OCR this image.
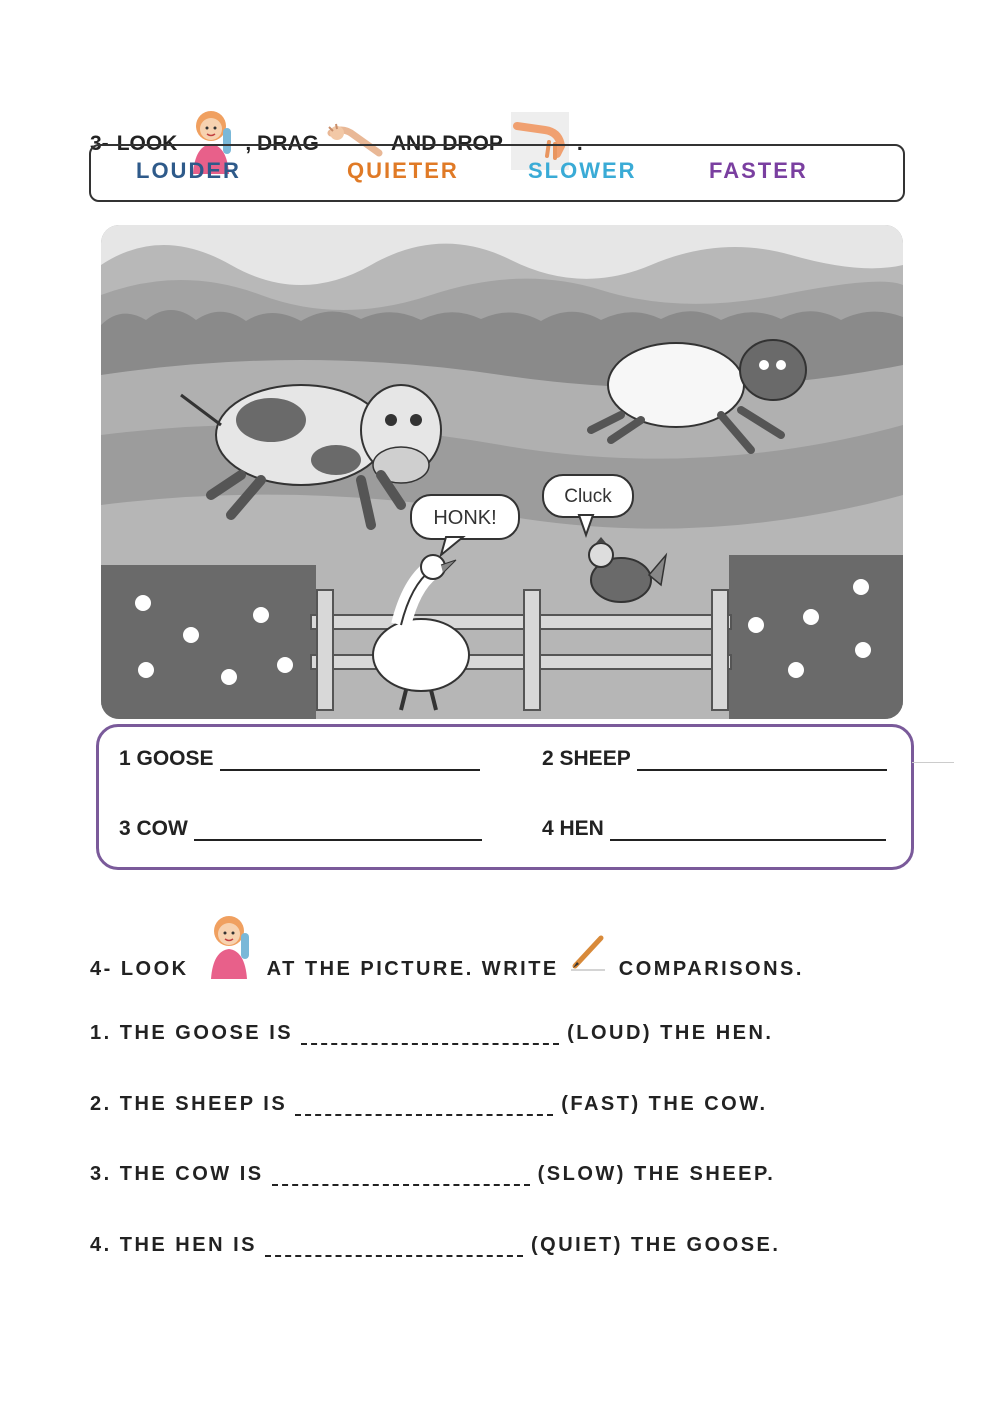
3- LOOK	, DRAG	AND DROP	.
LOUDER	QUIETER	SLOWER	FASTER
HONK!
Cluck
1 GOOSE	2 SHEEP
3 COW	4 HEN
4- LOOK	AT THE PICTURE. WRITE	COMPARISONS.
1. THE GOOSE IS	(LOUD) THE HEN.
2. THE SHEEP IS	(FAST) THE COW.
3. THE COW IS	(SLOW) THE SHEEP.
4. THE HEN IS	(QUIET) THE GOOSE.
